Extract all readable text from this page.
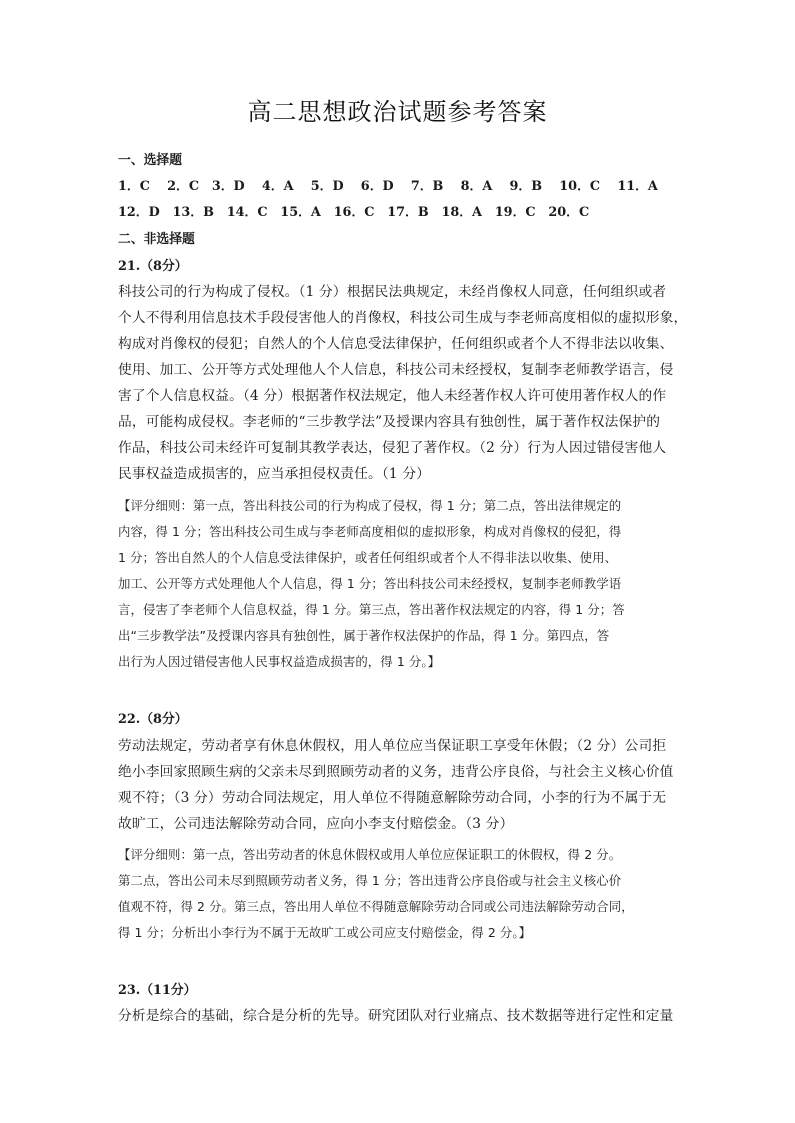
高二思想政治试题参考答案
一、选择题
1．C　 2．C　3．D　 4．A　 5．D　 6．D　 7．B　 8．A　 9．B　 10．C　 11．A
12．D　13．B　14．C　15．A　16．C　17．B　18．A　19．C　20．C
二、非选择题
21.（8分）
科技公司的行为构成了侵权。（1 分）根据民法典规定，未经肖像权人同意，任何组织或者
个人不得利用信息技术手段侵害他人的肖像权，科技公司生成与李老师高度相似的虚拟形象，
构成对肖像权的侵犯；自然人的个人信息受法律保护，任何组织或者个人不得非法以收集、
使用、加工、公开等方式处理他人个人信息，科技公司未经授权，复制李老师教学语言，侵
害了个人信息权益。（4 分）根据著作权法规定，他人未经著作权人许可使用著作权人的作
品，可能构成侵权。李老师的“三步教学法”及授课内容具有独创性，属于著作权法保护的
作品，科技公司未经许可复制其教学表达，侵犯了著作权。（2 分）行为人因过错侵害他人
民事权益造成损害的，应当承担侵权责任。（1 分）
【评分细则：第一点，答出科技公司的行为构成了侵权，得 1 分；第二点，答出法律规定的
内容，得 1 分；答出科技公司生成与李老师高度相似的虚拟形象，构成对肖像权的侵犯，得
1 分；答出自然人的个人信息受法律保护，或者任何组织或者个人不得非法以收集、使用、
加工、公开等方式处理他人个人信息，得 1 分；答出科技公司未经授权，复制李老师教学语
言，侵害了李老师个人信息权益，得 1 分。第三点，答出著作权法规定的内容，得 1 分；答
出“三步教学法”及授课内容具有独创性，属于著作权法保护的作品，得 1 分。第四点，答
出行为人因过错侵害他人民事权益造成损害的，得 1 分。】
22.（8分）
劳动法规定，劳动者享有休息休假权，用人单位应当保证职工享受年休假；（2 分）公司拒
绝小李回家照顾生病的父亲未尽到照顾劳动者的义务，违背公序良俗，与社会主义核心价值
观不符；（3 分）劳动合同法规定，用人单位不得随意解除劳动合同，小李的行为不属于无
故旷工，公司违法解除劳动合同，应向小李支付赔偿金。（3 分）
【评分细则：第一点，答出劳动者的休息休假权或用人单位应保证职工的休假权，得 2 分。
第二点，答出公司未尽到照顾劳动者义务，得 1 分；答出违背公序良俗或与社会主义核心价
值观不符，得 2 分。第三点，答出用人单位不得随意解除劳动合同或公司违法解除劳动合同，
得 1 分；分析出小李行为不属于无故旷工或公司应支付赔偿金，得 2 分。】
23.（11分）
分析是综合的基础，综合是分析的先导。研究团队对行业痛点、技术数据等进行定性和定量
